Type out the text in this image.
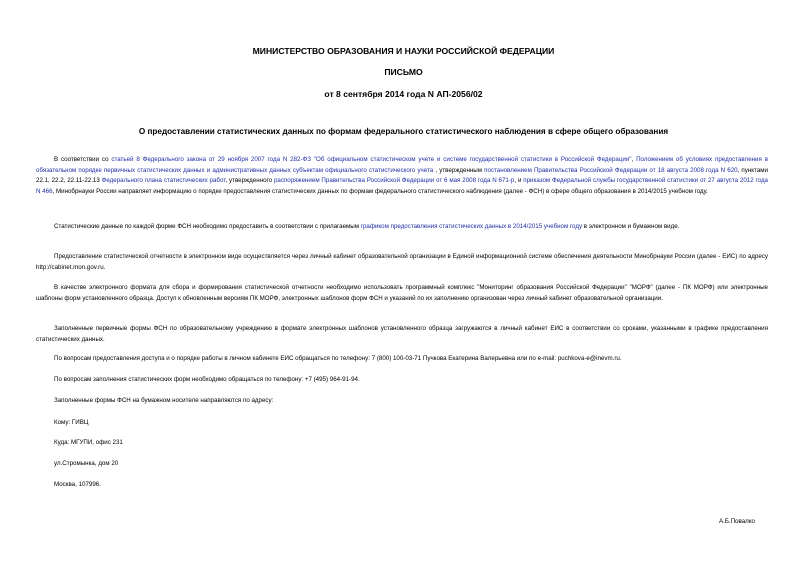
МИНИСТЕРСТВО ОБРАЗОВАНИЯ И НАУКИ РОССИЙСКОЙ ФЕДЕРАЦИИ
ПИСЬМО
от 8 сентября 2014 года N АП-2056/02
О предоставлении статистических данных по формам федерального статистического наблюдения в сфере общего образования
В соответствии со статьей 8 Федерального закона от 29 ноября 2007 года N 282-ФЗ "Об официальном статистическом учете и системе государственной статистики в Российской Федерации", Положением об условиях предоставления в обязательном порядке первичных статистических данных и административных данных субъектам официального статистического учета , утвержденным постановлением Правительства Российской Федерации от 18 августа 2008 года N 620, пунктами 22.1, 22.2, 22.11-22.13 Федерального плана статистических работ, утвержденного распоряжением Правительства Российской Федерации от 6 мая 2008 года N 671-р, и приказом Федеральной службы государственной статистики от 27 августа 2012 года N 466, Минобрнауки России направляет информацию о порядке предоставления статистических данных по формам федерального статистического наблюдения (далее - ФСН) в сфере общего образования в 2014/2015 учебном году.
Статистические данные по каждой форме ФСН необходимо предоставить в соответствии с прилагаемым графиком предоставления статистических данных в 2014/2015 учебном году в электронном и бумажном виде.
Предоставление статистической отчетности в электронном виде осуществляется через личный кабинет образовательной организации в Единой информационной системе обеспечения деятельности Минобрнауки России (далее - ЕИС) по адресу http://cabinet.mon.gov.ru.
В качестве электронного формата для сбора и формирования статистической отчетности необходимо использовать программный комплекс "Мониторинг образования Российской Федерации" "МОРФ" (далее - ПК МОРФ) или электронные шаблоны форм установленного образца. Доступ к обновленным версиям ПК МОРФ, электронных шаблонов форм ФСН и указаний по их заполнению организован через личный кабинет образовательной организации.
Заполненные первичные формы ФСН по образовательному учреждению в формате электронных шаблонов установленного образца загружаются в личный кабинет ЕИС в соответствии со сроками, указанными в графике предоставления статистических данных.
По вопросам предоставления доступа и о порядке работы в личном кабинете ЕИС обращаться по телефону: 7 (800) 100-03-71 Пучкова Екатерина Валерьевна или по e-mail: puchkova-e@inevm.ru.
По вопросам заполнения статистических форм необходимо обращаться по телефону: +7 (495) 964-91-94.
Заполненные формы ФСН на бумажном носителе направляются по адресу:
Кому: ГИВЦ
Куда: МГУПИ, офис 231
ул.Стромынка, дом 20
Москва, 107996.
А.Б.Повалко
